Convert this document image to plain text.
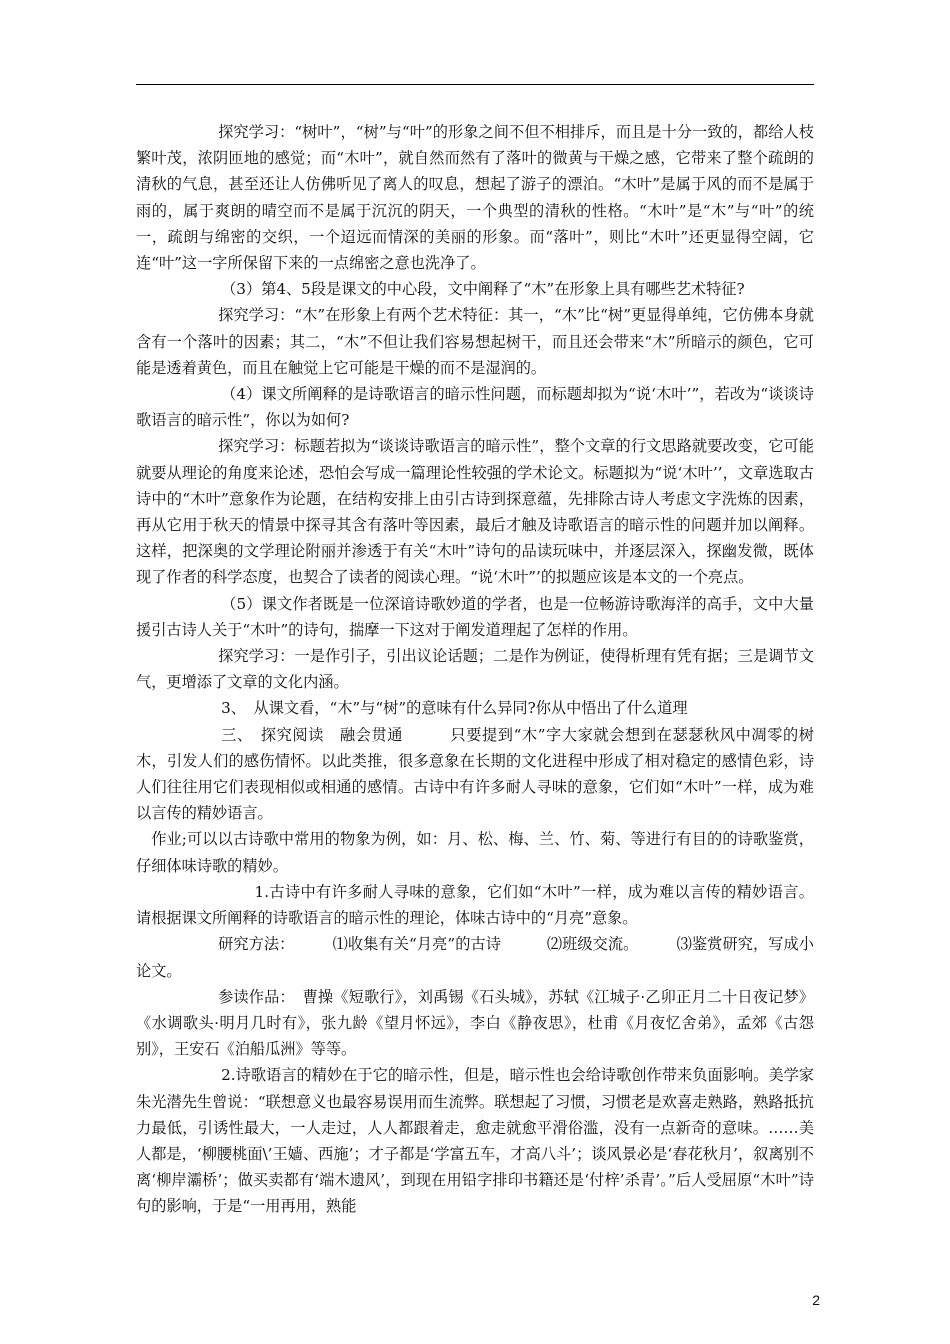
探究学习：“树叶”，“树”与“叶”的形象之间不但不相排斥，而且是十分一致的，都给人枝繁叶茂，浓阴匝地的感觉；而“木叶”，就自然而然有了落叶的微黄与干燥之感，它带来了整个疏朗的清秋的气息，甚至还让人仿佛听见了离人的叹息，想起了游子的漂泊。“木叶”是属于风的而不是属于雨的，属于爽朗的晴空而不是属于沉沉的阴天，一个典型的清秋的性格。“木叶”是“木”与“叶”的统一，疏朗与绵密的交织，一个迢远而情深的美丽的形象。而“落叶”，则比“木叶”还更显得空阔，它连“叶”这一字所保留下来的一点绵密之意也洗净了。

（3）第4、5段是课文的中心段，文中阐释了“木”在形象上具有哪些艺术特征?

探究学习：“木”在形象上有两个艺术特征：其一，“木”比“树”更显得单纯，它仿佛本身就含有一个落叶的因素；其二，“木”不但让我们容易想起树干，而且还会带来“木”所暗示的颜色，它可能是透着黄色，而且在触觉上它可能是干燥的而不是湿润的。

（4）课文所阐释的是诗歌语言的暗示性问题，而标题却拟为“说‘木叶’”，若改为“谈谈诗歌语言的暗示性”，你以为如何?

探究学习：标题若拟为“谈谈诗歌语言的暗示性”，整个文章的行文思路就要改变，它可能就要从理论的角度来论述，恐怕会写成一篇理论性较强的学术论文。标题拟为“说‘木叶’’，文章选取古诗中的“木叶”意象作为论题，在结构安排上由引古诗到探意蕴，先排除古诗人考虑文字洗炼的因素，再从它用于秋天的情景中探寻其含有落叶等因素，最后才触及诗歌语言的暗示性的问题并加以阐释。这样，把深奥的文学理论附丽并渗透于有关“木叶”诗句的品读玩味中，并逐层深入，探幽发微，既体现了作者的科学态度，也契合了读者的阅读心理。“说‘木叶”’的拟题应该是本文的一个亮点。

（5）课文作者既是一位深谙诗歌妙道的学者，也是一位畅游诗歌海洋的高手，文中大量援引古诗人关于“木叶”的诗句，揣摩一下这对于阐发道理起了怎样的作用。

探究学习：一是作引子，引出议论话题；二是作为例证，使得析理有凭有据；三是调节文气，更增添了文章的文化内涵。

3、　从课文看，“木”与“树”的意味有什么异同?你从中悟出了什么道理

三、　探究阅读　融会贯通　　　只要提到“木”字大家就会想到在瑟瑟秋风中凋零的树木，引发人们的感伤情怀。以此类推，很多意象在长期的文化进程中形成了相对稳定的感情色彩，诗人们往往用它们表现相似或相通的感情。古诗中有许多耐人寻味的意象，它们如“木叶”一样，成为难以言传的精妙语言。

作业;可以以古诗歌中常用的物象为例，如：月、松、梅、兰、竹、菊、等进行有目的的诗歌鉴赏，仔细体味诗歌的精妙。

1.古诗中有许多耐人寻味的意象，它们如“木叶”一样，成为难以言传的精妙语言。请根据课文所阐释的诗歌语言的暗示性的理论，体味古诗中的“月亮”意象。

研究方法：　　　⑴收集有关“月亮”的古诗　　　⑵班级交流。　　　⑶鉴赏研究，写成小论文。

参读作品：　曹操《短歌行》，刘禹锡《石头城》，苏轼《江城子·乙卯正月二十日夜记梦》《水调歌头·明月几时有》，张九龄《望月怀远》，李白《静夜思》，杜甫《月夜忆舍弟》，孟郊《古怨别》，王安石《泊船瓜洲》等等。

2.诗歌语言的精妙在于它的暗示性，但是，暗示性也会给诗歌创作带来负面影响。美学家朱光潜先生曾说：“联想意义也最容易误用而生流弊。联想起了习惯，习惯老是欢喜走熟路，熟路抵抗力最低，引诱性最大，一人走过，人人都跟着走，愈走就愈平滑俗滥，没有一点新奇的意味。……美人都是，‘柳腰桃面\’王嫱、西施’；才子都是‘学富五车，才高八斗’；谈风景必是‘春花秋月’，叙离别不离‘柳岸灞桥’；做买卖都有‘端木遗风’，到现在用铅字排印书籍还是‘付梓’杀青’。”后人受屈原“木叶”诗句的影响，于是“一用再用，熟能

2
